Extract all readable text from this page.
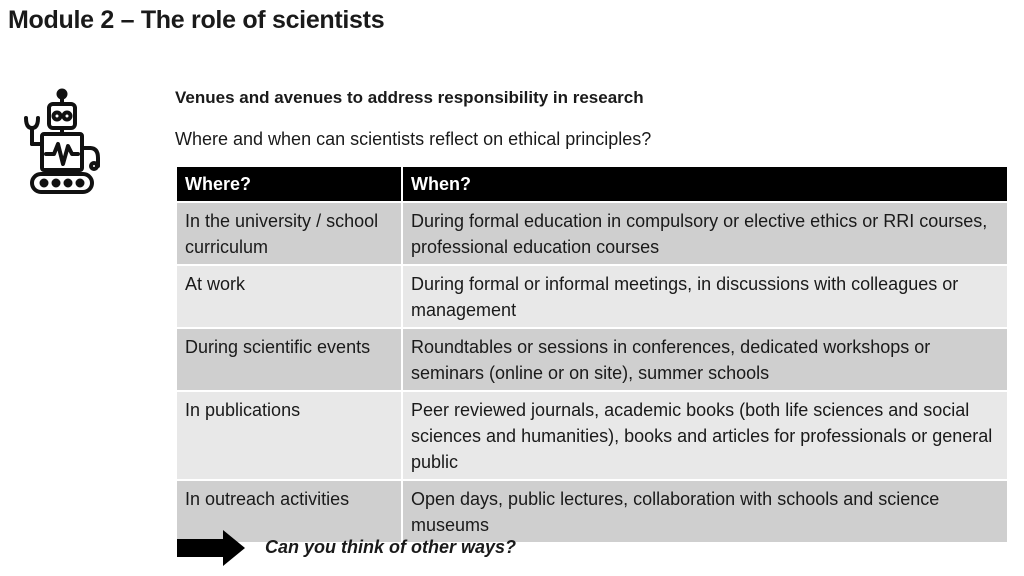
Module 2 – The role of scientists
Venues and avenues to address responsibility in research
Where and when can scientists reflect on ethical principles?
Where?	When?
In the university / school curriculum	During formal education in compulsory or elective ethics or RRI courses, professional education courses
At work	During formal or informal meetings, in discussions with colleagues or management
During scientific events	Roundtables or sessions in conferences, dedicated workshops or seminars (online or on site), summer schools
In publications	Peer reviewed journals, academic books (both life sciences and social sciences and humanities), books and articles for professionals or general public
In outreach activities	Open days, public lectures, collaboration with schools and science museums
Can you think of other ways?
